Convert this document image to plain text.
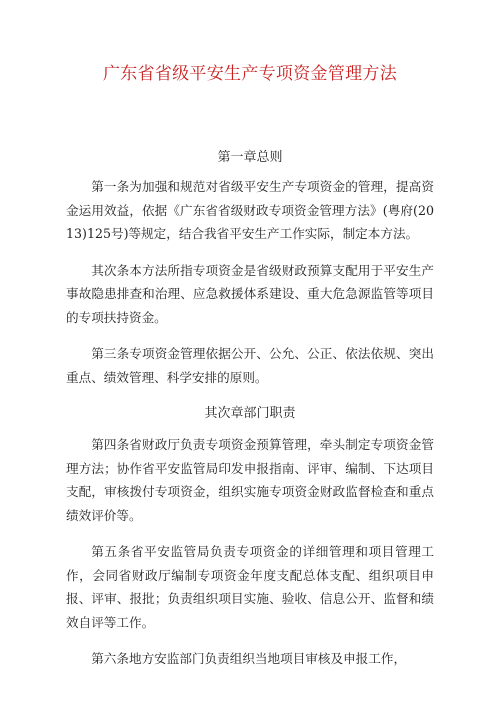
广东省省级平安生产专项资金管理方法
第一章总则

第一条为加强和规范对省级平安生产专项资金的管理，提高资金运用效益，依据《广东省省级财政专项资金管理方法》(粤府(2013)125号)等规定，结合我省平安生产工作实际，制定本方法。

其次条本方法所指专项资金是省级财政预算支配用于平安生产事故隐患排查和治理、应急救援体系建设、重大危急源监管等项目的专项扶持资金。

第三条专项资金管理依据公开、公允、公正、依法依规、突出重点、绩效管理、科学安排的原则。

其次章部门职责

第四条省财政厅负责专项资金预算管理，牵头制定专项资金管理方法；协作省平安监管局印发申报指南、评审、编制、下达项目支配，审核拨付专项资金，组织实施专项资金财政监督检查和重点绩效评价等。

第五条省平安监管局负责专项资金的详细管理和项目管理工作，会同省财政厅编制专项资金年度支配总体支配、组织项目申报、评审、报批；负责组织项目实施、验收、信息公开、监督和绩效自评等工作。

第六条地方安监部门负责组织当地项目审核及申报工作，
